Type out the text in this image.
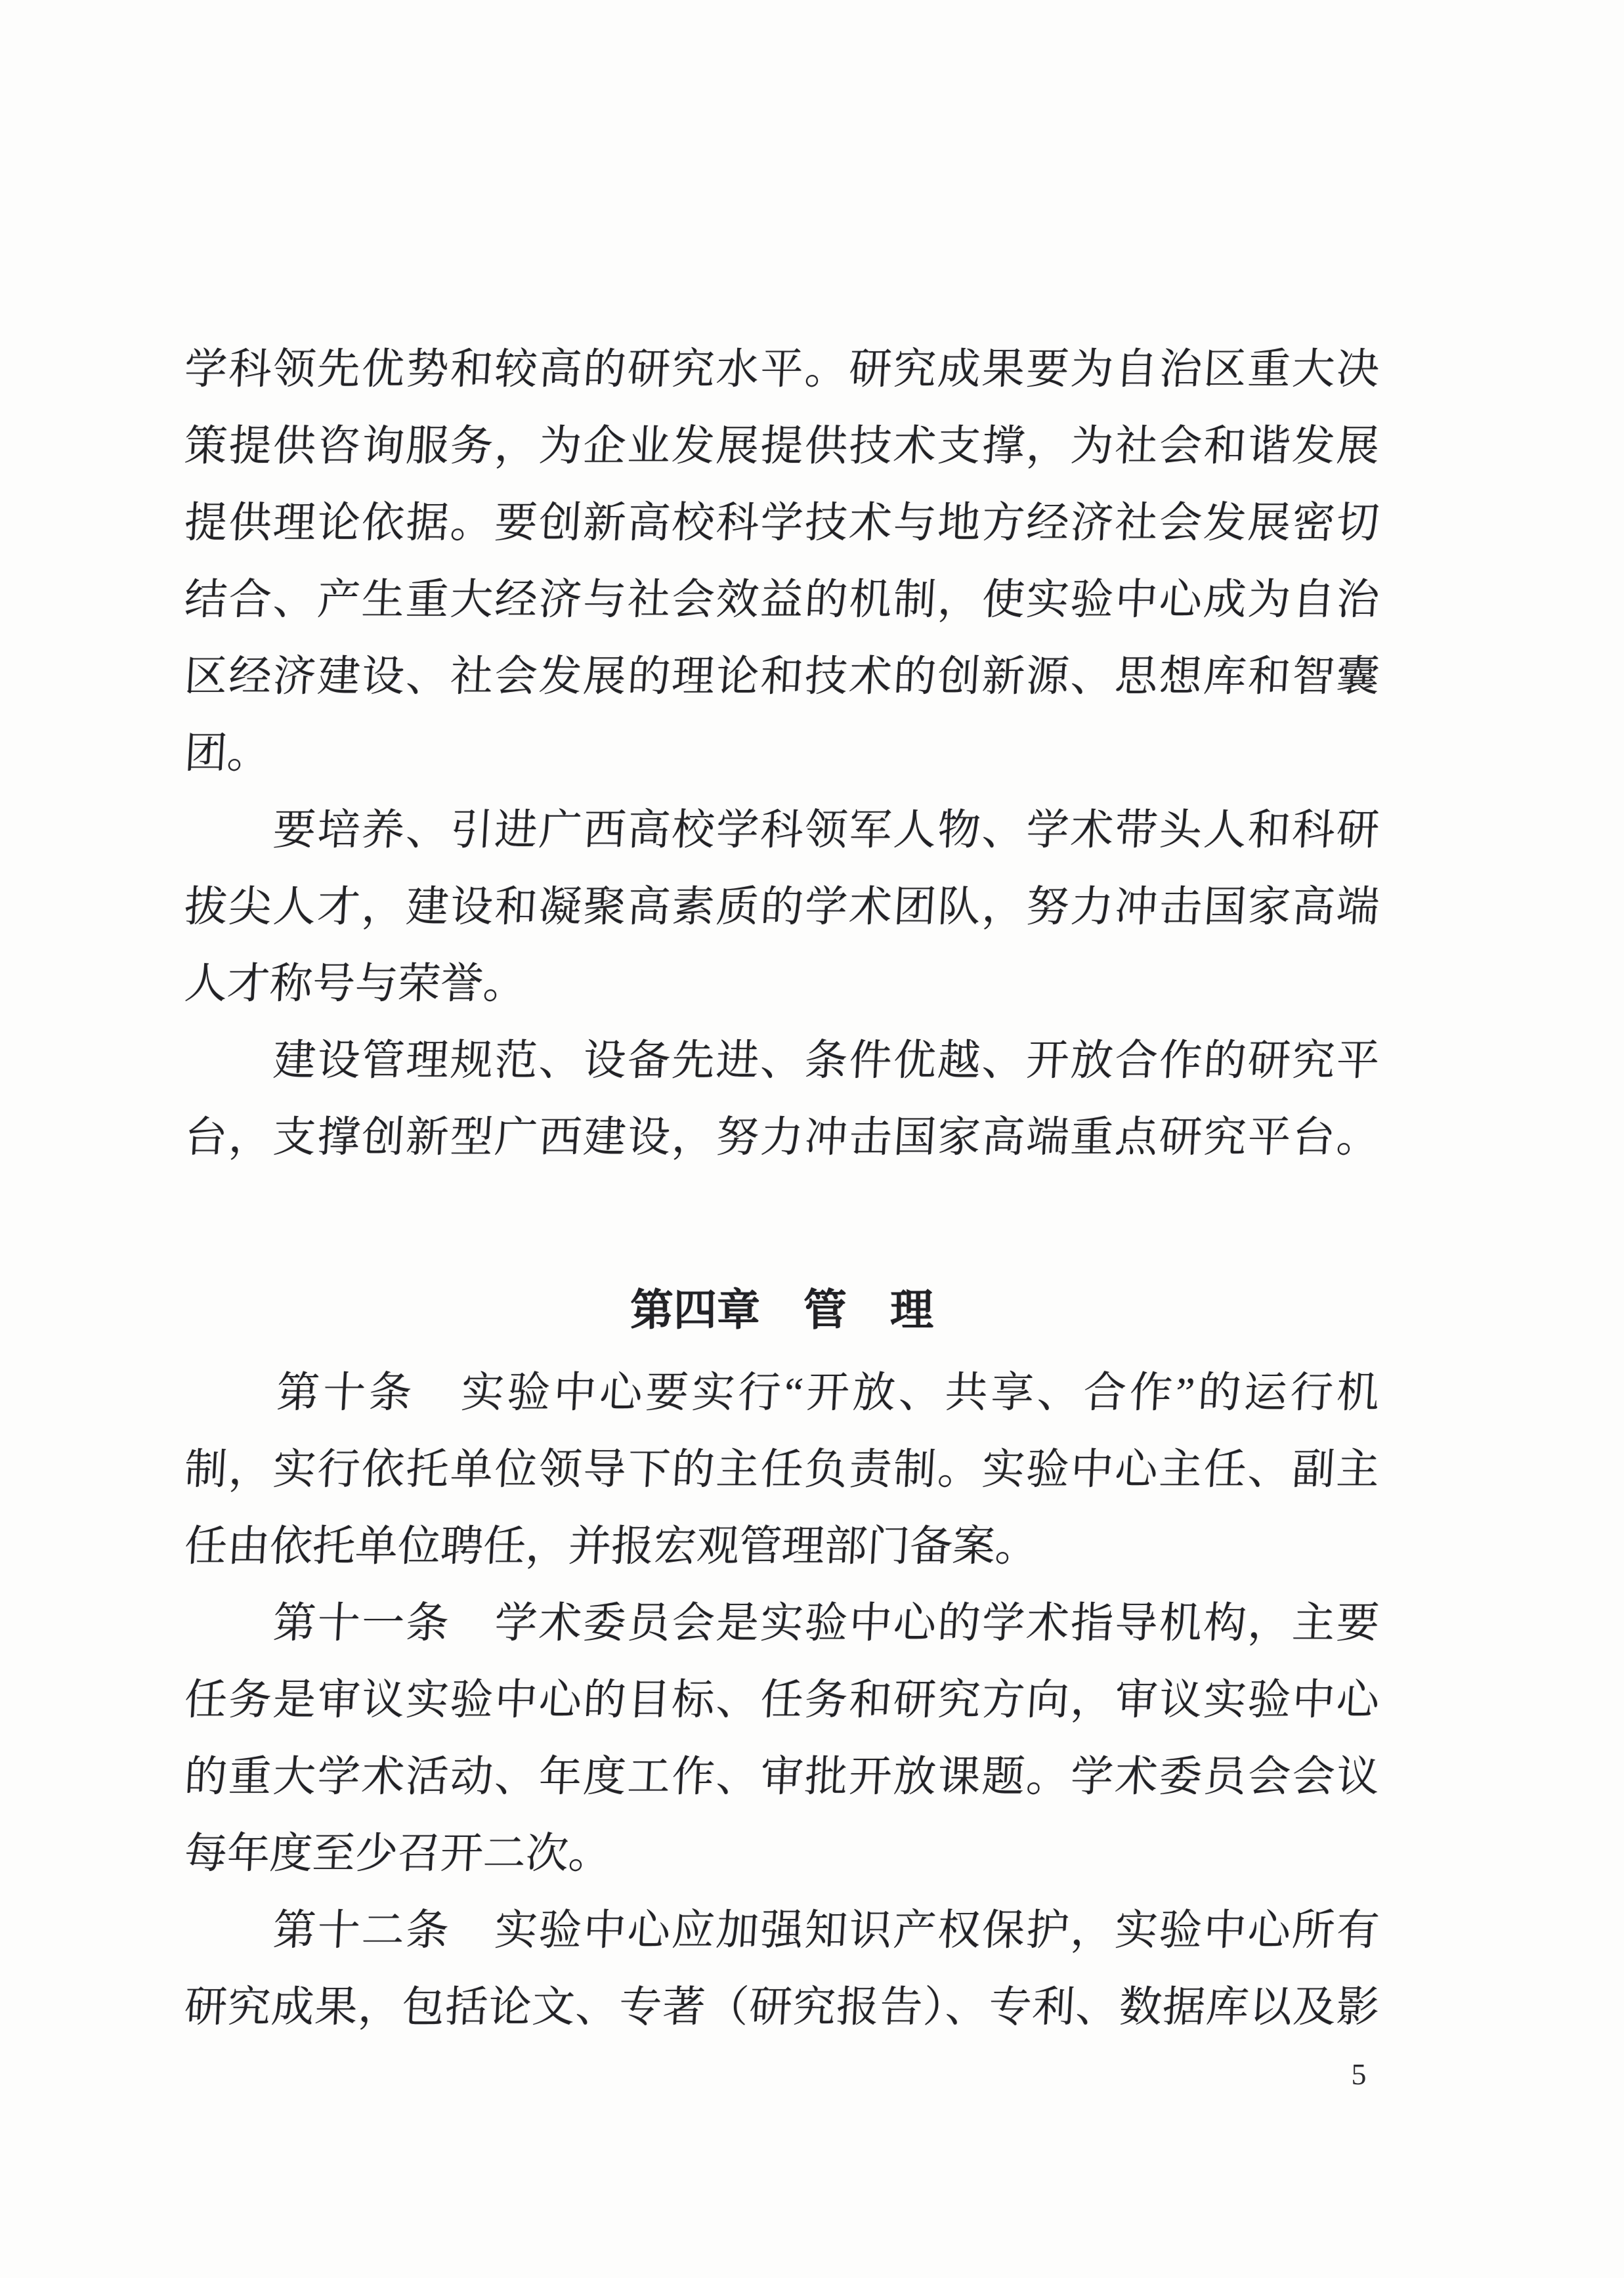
学科领先优势和较高的研究水平。研究成果要为自治区重大决
策提供咨询服务，为企业发展提供技术支撑，为社会和谐发展
提供理论依据。要创新高校科学技术与地方经济社会发展密切
结合、产生重大经济与社会效益的机制，使实验中心成为自治
区经济建设、社会发展的理论和技术的创新源、思想库和智囊
团。
　　要培养、引进广西高校学科领军人物、学术带头人和科研
拔尖人才，建设和凝聚高素质的学术团队，努力冲击国家高端
人才称号与荣誉。
　　建设管理规范、设备先进、条件优越、开放合作的研究平
台，支撑创新型广西建设，努力冲击国家高端重点研究平台。
第四章　管　理
　　第十条　实验中心要实行“开放、共享、合作”的运行机
制，实行依托单位领导下的主任负责制。实验中心主任、副主
任由依托单位聘任，并报宏观管理部门备案。
　　第十一条　学术委员会是实验中心的学术指导机构，主要
任务是审议实验中心的目标、任务和研究方向，审议实验中心
的重大学术活动、年度工作、审批开放课题。学术委员会会议
每年度至少召开二次。
　　第十二条　实验中心应加强知识产权保护，实验中心所有
研究成果，包括论文、专著（研究报告）、专利、数据库以及影
5
